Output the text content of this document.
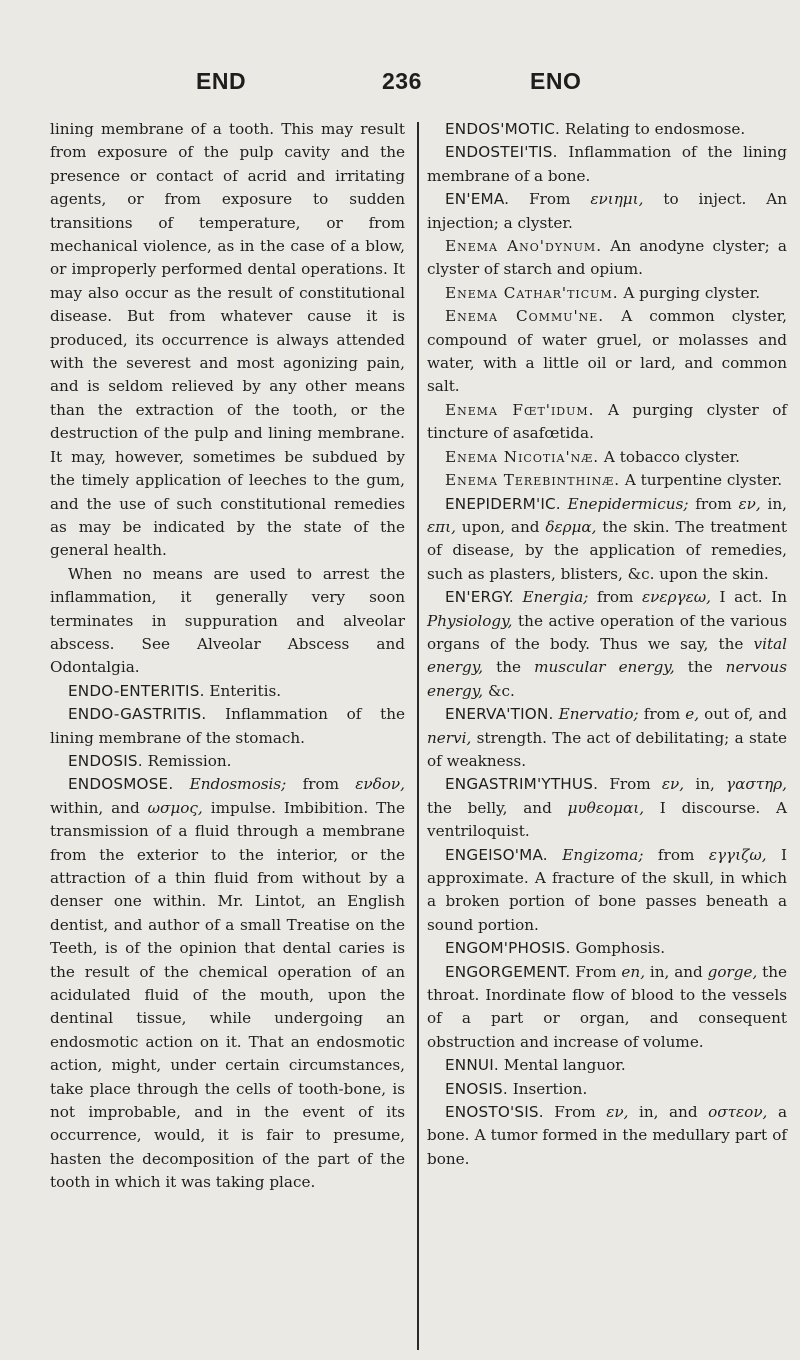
END	236	ENO

lining membrane of a tooth. This may result from exposure of the pulp cavity and the presence or contact of acrid and irritating agents, or from exposure to sudden transitions of temperature, or from mechanical violence, as in the case of a blow, or improperly performed dental operations. It may also occur as the result of constitutional disease. But from whatever cause it is produced, its occurrence is always attended with the severest and most agonizing pain, and is seldom relieved by any other means than the extraction of the tooth, or the destruction of the pulp and lining membrane. It may, however, sometimes be subdued by the timely application of leeches to the gum, and the use of such constitutional remedies as may be indicated by the state of the general health.

When no means are used to arrest the inflammation, it generally very soon terminates in suppuration and alveolar abscess. See Alveolar Abscess and Odontalgia.

ENDO-ENTERITIS. Enteritis.

ENDO-GASTRITIS. Inflammation of the lining membrane of the stomach.

ENDOSIS. Remission.

ENDOSMOSE. Endosmosis; from ενδον, within, and ωσμος, impulse. Imbibition. The transmission of a fluid through a membrane from the exterior to the interior, or the attraction of a thin fluid from without by a denser one within. Mr. Lintot, an English dentist, and author of a small Treatise on the Teeth, is of the opinion that dental caries is the result of the chemical operation of an acidulated fluid of the mouth, upon the dentinal tissue, while undergoing an endosmotic action on it. That an endosmotic action, might, under certain circumstances, take place through the cells of tooth-bone, is not improbable, and in the event of its occurrence, would, it is fair to presume, hasten the decomposition of the part of the tooth in which it was taking place.

ENDOS'MOTIC. Relating to endosmose.

ENDOSTEI'TIS. Inflammation of the lining membrane of a bone.

EN'EMA. From ενιημι, to inject. An injection; a clyster.

Enema Ano'dynum. An anodyne clyster; a clyster of starch and opium.

Enema Cathar'ticum. A purging clyster.

Enema Commu'ne. A common clyster, compound of water gruel, or molasses and water, with a little oil or lard, and common salt.

Enema Fœt'idum. A purging clyster of tincture of asafœtida.

Enema Nicotia'næ. A tobacco clyster.

Enema Terebinthinæ. A turpentine clyster.

ENEPIDERM'IC. Enepidermicus; from εν, in, επι, upon, and δερμα, the skin. The treatment of disease, by the application of remedies, such as plasters, blisters, &c. upon the skin.

EN'ERGY. Energia; from ενεργεω, I act. In Physiology, the active operation of the various organs of the body. Thus we say, the vital energy, the muscular energy, the nervous energy, &c.

ENERVA'TION. Enervatio; from e, out of, and nervi, strength. The act of debilitating; a state of weakness.

ENGASTRIM'YTHUS. From εν, in, γαστηρ, the belly, and μυθεομαι, I discourse. A ventriloquist.

ENGEISO'MA. Engizoma; from εγγιζω, I approximate. A fracture of the skull, in which a broken portion of bone passes beneath a sound portion.

ENGOM'PHOSIS. Gomphosis.

ENGORGEMENT. From en, in, and gorge, the throat. Inordinate flow of blood to the vessels of a part or organ, and consequent obstruction and increase of volume.

ENNUI. Mental languor.

ENOSIS. Insertion.

ENOSTO'SIS. From εν, in, and οστεον, a bone. A tumor formed in the medullary part of bone.
